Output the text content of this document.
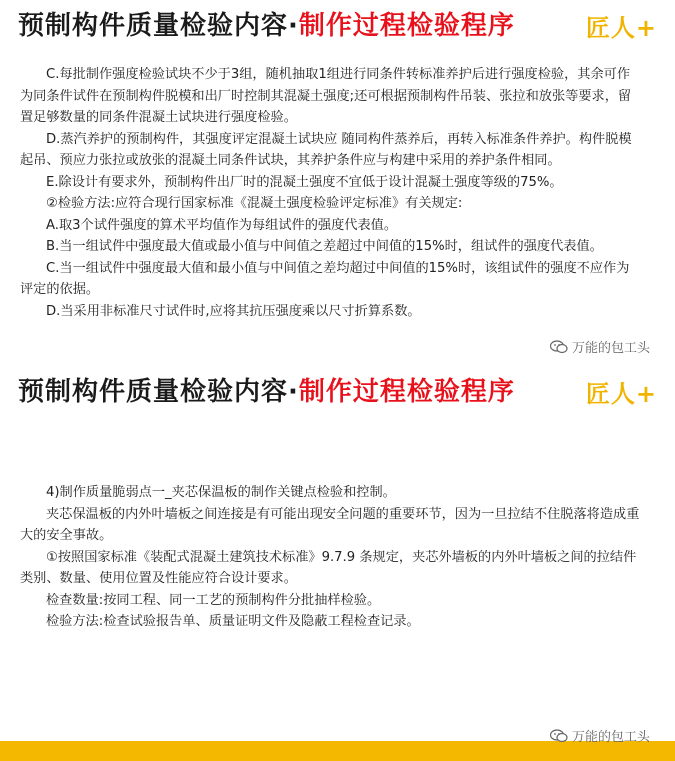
预制构件质量检验内容·制作过程检验程序	匠人+

C.每批制作强度检验试块不少于3组，随机抽取1组进行同条件转标准养护后进行强度检验，其余可作为同条件试件在预制构件脱模和出厂时控制其混凝土强度;还可根据预制构件吊装、张拉和放张等要求，留置足够数量的同条件混凝土试块进行强度检验。

D.蒸汽养护的预制构件，其强度评定混凝土试块应 随同构件蒸养后，再转入标准条件养护。构件脱模起吊、预应力张拉或放张的混凝土同条件试块，其养护条件应与构建中采用的养护条件相同。

E.除设计有要求外，预制构件出厂时的混凝土强度不宜低于设计混凝土强度等级的75%。

②检验方法:应符合现行国家标准《混凝土强度检验评定标准》有关规定:

A.取3个试件强度的算术平均值作为每组试件的强度代表值。

B.当一组试件中强度最大值或最小值与中间值之差超过中间值的15%时，组试件的强度代表值。

C.当一组试件中强度最大值和最小值与中间值之差均超过中间值的15%时，该组试件的强度不应作为评定的依据。

D.当采用非标准尺寸试件时,应将其抗压强度乘以尺寸折算系数。

预制构件质量检验内容·制作过程检验程序	匠人+

4)制作质量脆弱点一_夹芯保温板的制作关键点检验和控制。

夹芯保温板的内外叶墙板之间连接是有可能出现安全问题的重要环节，因为一旦拉结不住脱落将造成重大的安全事故。

①按照国家标准《装配式混凝土建筑技术标准》9.7.9 条规定，夹芯外墙板的内外叶墙板之间的拉结件类别、数量、使用位置及性能应符合设计要求。

检查数量:按同工程、同一工艺的预制构件分批抽样检验。

检验方法:检查试验报告单、质量证明文件及隐蔽工程检查记录。

万能的包工头
万能的包工头
